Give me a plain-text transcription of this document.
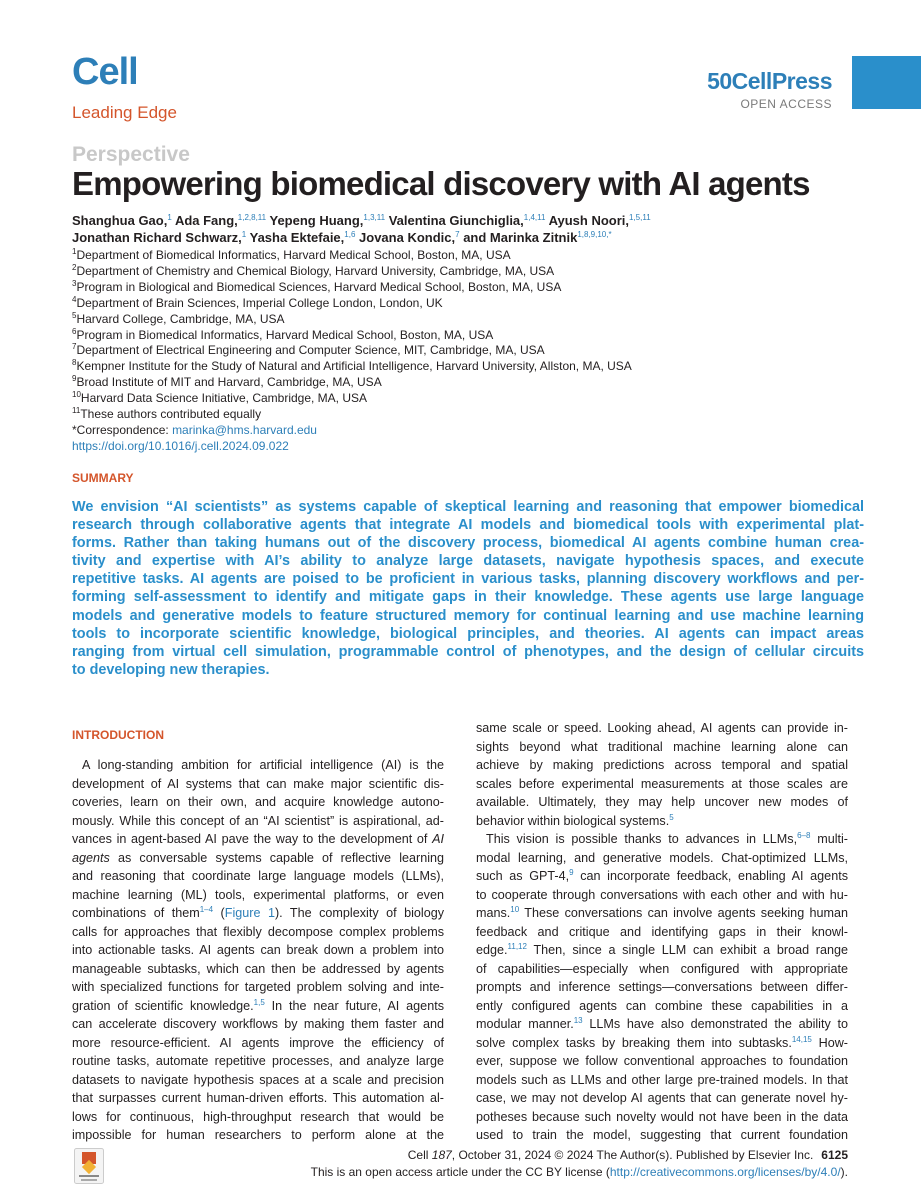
Cell
Leading Edge
50CellPress
OPEN ACCESS
Perspective
Empowering biomedical discovery with AI agents
Shanghua Gao,$^1$ Ada Fang,$^{1,2,8,11}$ Yepeng Huang,$^{1,3,11}$ Valentina Giunchiglia,$^{1,4,11}$ Ayush Noori,$^{1,5,11}$
Jonathan Richard Schwarz,$^1$ Yasha Ektefaie,$^{1,6}$ Jovana Kondic,$^7$ and Marinka Zitnik$^{1,8,9,10,*}$
$^1$Department of Biomedical Informatics, Harvard Medical School, Boston, MA, USA
$^2$Department of Chemistry and Chemical Biology, Harvard University, Cambridge, MA, USA
$^3$Program in Biological and Biomedical Sciences, Harvard Medical School, Boston, MA, USA
$^4$Department of Brain Sciences, Imperial College London, London, UK
$^5$Harvard College, Cambridge, MA, USA
$^6$Program in Biomedical Informatics, Harvard Medical School, Boston, MA, USA
$^7$Department of Electrical Engineering and Computer Science, MIT, Cambridge, MA, USA
$^8$Kempner Institute for the Study of Natural and Artificial Intelligence, Harvard University, Allston, MA, USA
$^9$Broad Institute of MIT and Harvard, Cambridge, MA, USA
$^{10}$Harvard Data Science Initiative, Cambridge, MA, USA
$^{11}$These authors contributed equally
*Correspondence: marinka@hms.harvard.edu
https://doi.org/10.1016/j.cell.2024.09.022
SUMMARY
We envision “AI scientists” as systems capable of skeptical learning and reasoning that empower biomedical
research through collaborative agents that integrate AI models and biomedical tools with experimental plat-
forms. Rather than taking humans out of the discovery process, biomedical AI agents combine human crea-
tivity and expertise with AI’s ability to analyze large datasets, navigate hypothesis spaces, and execute
repetitive tasks. AI agents are poised to be proficient in various tasks, planning discovery workflows and per-
forming self-assessment to identify and mitigate gaps in their knowledge. These agents use large language
models and generative models to feature structured memory for continual learning and use machine learning
tools to incorporate scientific knowledge, biological principles, and theories. AI agents can impact areas
ranging from virtual cell simulation, programmable control of phenotypes, and the design of cellular circuits
to developing new therapies.
INTRODUCTION
A long-standing ambition for artificial intelligence (AI) is the
development of AI systems that can make major scientific dis-
coveries, learn on their own, and acquire knowledge autono-
mously. While this concept of an “AI scientist” is aspirational, ad-
vances in agent-based AI pave the way to the development of AI
agents as conversable systems capable of reflective learning
and reasoning that coordinate large language models (LLMs),
machine learning (ML) tools, experimental platforms, or even
combinations of them$^{1-4}$ (Figure 1). The complexity of biology
calls for approaches that flexibly decompose complex problems
into actionable tasks. AI agents can break down a problem into
manageable subtasks, which can then be addressed by agents
with specialized functions for targeted problem solving and inte-
gration of scientific knowledge.$^{1,5}$ In the near future, AI agents
can accelerate discovery workflows by making them faster and
more resource-efficient. AI agents improve the efficiency of
routine tasks, automate repetitive processes, and analyze large
datasets to navigate hypothesis spaces at a scale and precision
that surpasses current human-driven efforts. This automation al-
lows for continuous, high-throughput research that would be
impossible for human researchers to perform alone at the
same scale or speed. Looking ahead, AI agents can provide in-
sights beyond what traditional machine learning alone can
achieve by making predictions across temporal and spatial
scales before experimental measurements at those scales are
available. Ultimately, they may help uncover new modes of
behavior within biological systems.$^5$
This vision is possible thanks to advances in LLMs,$^{6-8}$ multi-
modal learning, and generative models. Chat-optimized LLMs,
such as GPT-4,$^9$ can incorporate feedback, enabling AI agents
to cooperate through conversations with each other and with hu-
mans.$^{10}$ These conversations can involve agents seeking human
feedback and critique and identifying gaps in their knowl-
edge.$^{11,12}$ Then, since a single LLM can exhibit a broad range
of capabilities—especially when configured with appropriate
prompts and inference settings—conversations between differ-
ently configured agents can combine these capabilities in a
modular manner.$^{13}$ LLMs have also demonstrated the ability to
solve complex tasks by breaking them into subtasks.$^{14,15}$ How-
ever, suppose we follow conventional approaches to foundation
models such as LLMs and other large pre-trained models. In that
case, we may not develop AI agents that can generate novel hy-
potheses because such novelty would not have been in the data
used to train the model, suggesting that current foundation
Cell 187, October 31, 2024 © 2024 The Author(s). Published by Elsevier Inc. 6125
This is an open access article under the CC BY license (http://creativecommons.org/licenses/by/4.0/).
